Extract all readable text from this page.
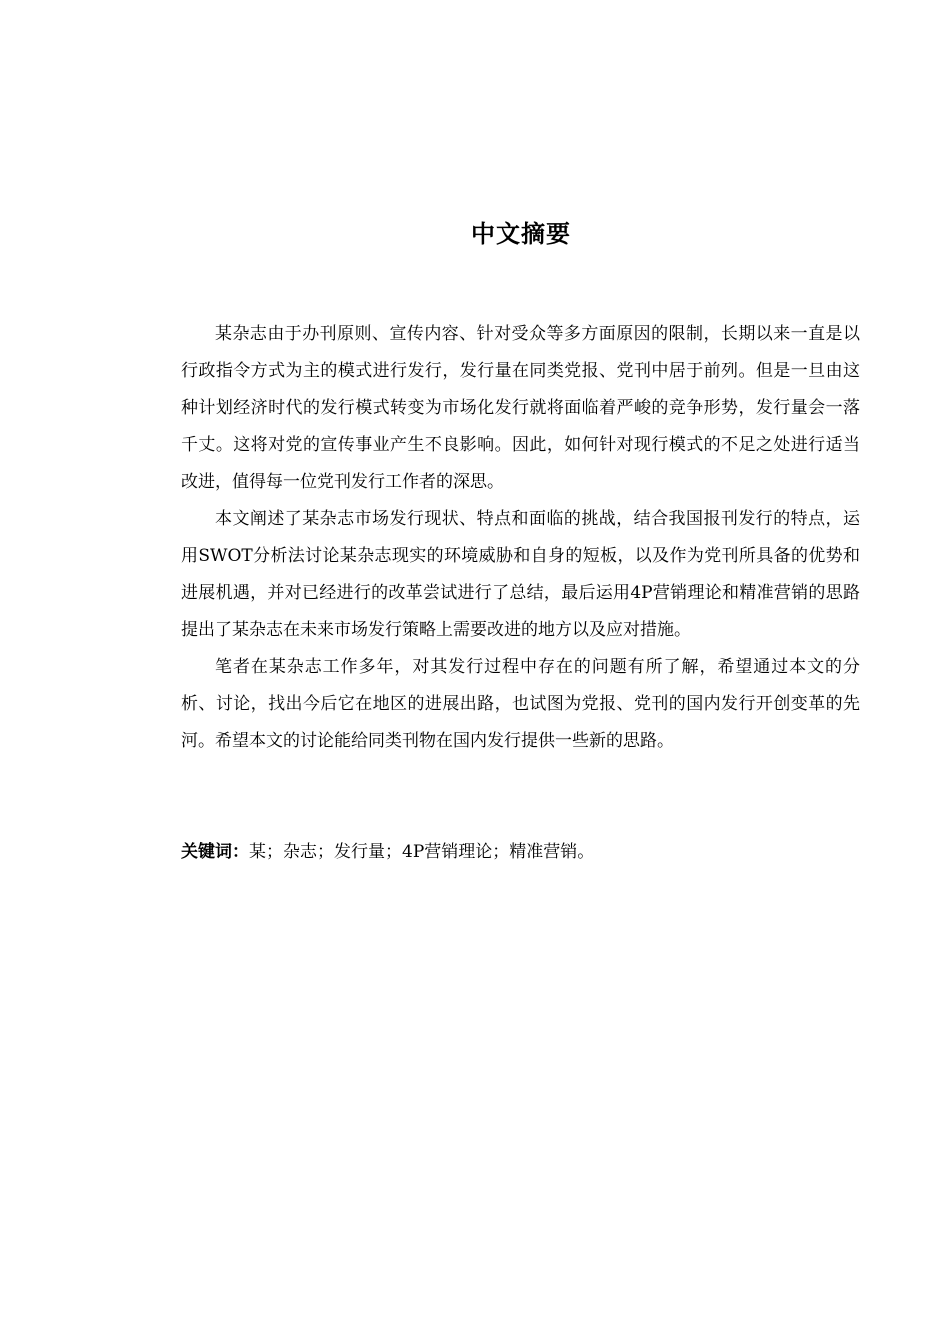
中文摘要

某杂志由于办刊原则、宣传内容、针对受众等多方面原因的限制，长期以来一直是以行政指令方式为主的模式进行发行，发行量在同类党报、党刊中居于前列。但是一旦由这种计划经济时代的发行模式转变为市场化发行就将面临着严峻的竞争形势，发行量会一落千丈。这将对党的宣传事业产生不良影响。因此，如何针对现行模式的不足之处进行适当改进，值得每一位党刊发行工作者的深思。

本文阐述了某杂志市场发行现状、特点和面临的挑战，结合我国报刊发行的特点，运用SWOT分析法讨论某杂志现实的环境威胁和自身的短板，以及作为党刊所具备的优势和进展机遇，并对已经进行的改革尝试进行了总结，最后运用4P营销理论和精准营销的思路提出了某杂志在未来市场发行策略上需要改进的地方以及应对措施。

笔者在某杂志工作多年，对其发行过程中存在的问题有所了解，希望通过本文的分析、讨论，找出今后它在地区的进展出路，也试图为党报、党刊的国内发行开创变革的先河。希望本文的讨论能给同类刊物在国内发行提供一些新的思路。

关键词：某；杂志；发行量；4P营销理论；精准营销。
